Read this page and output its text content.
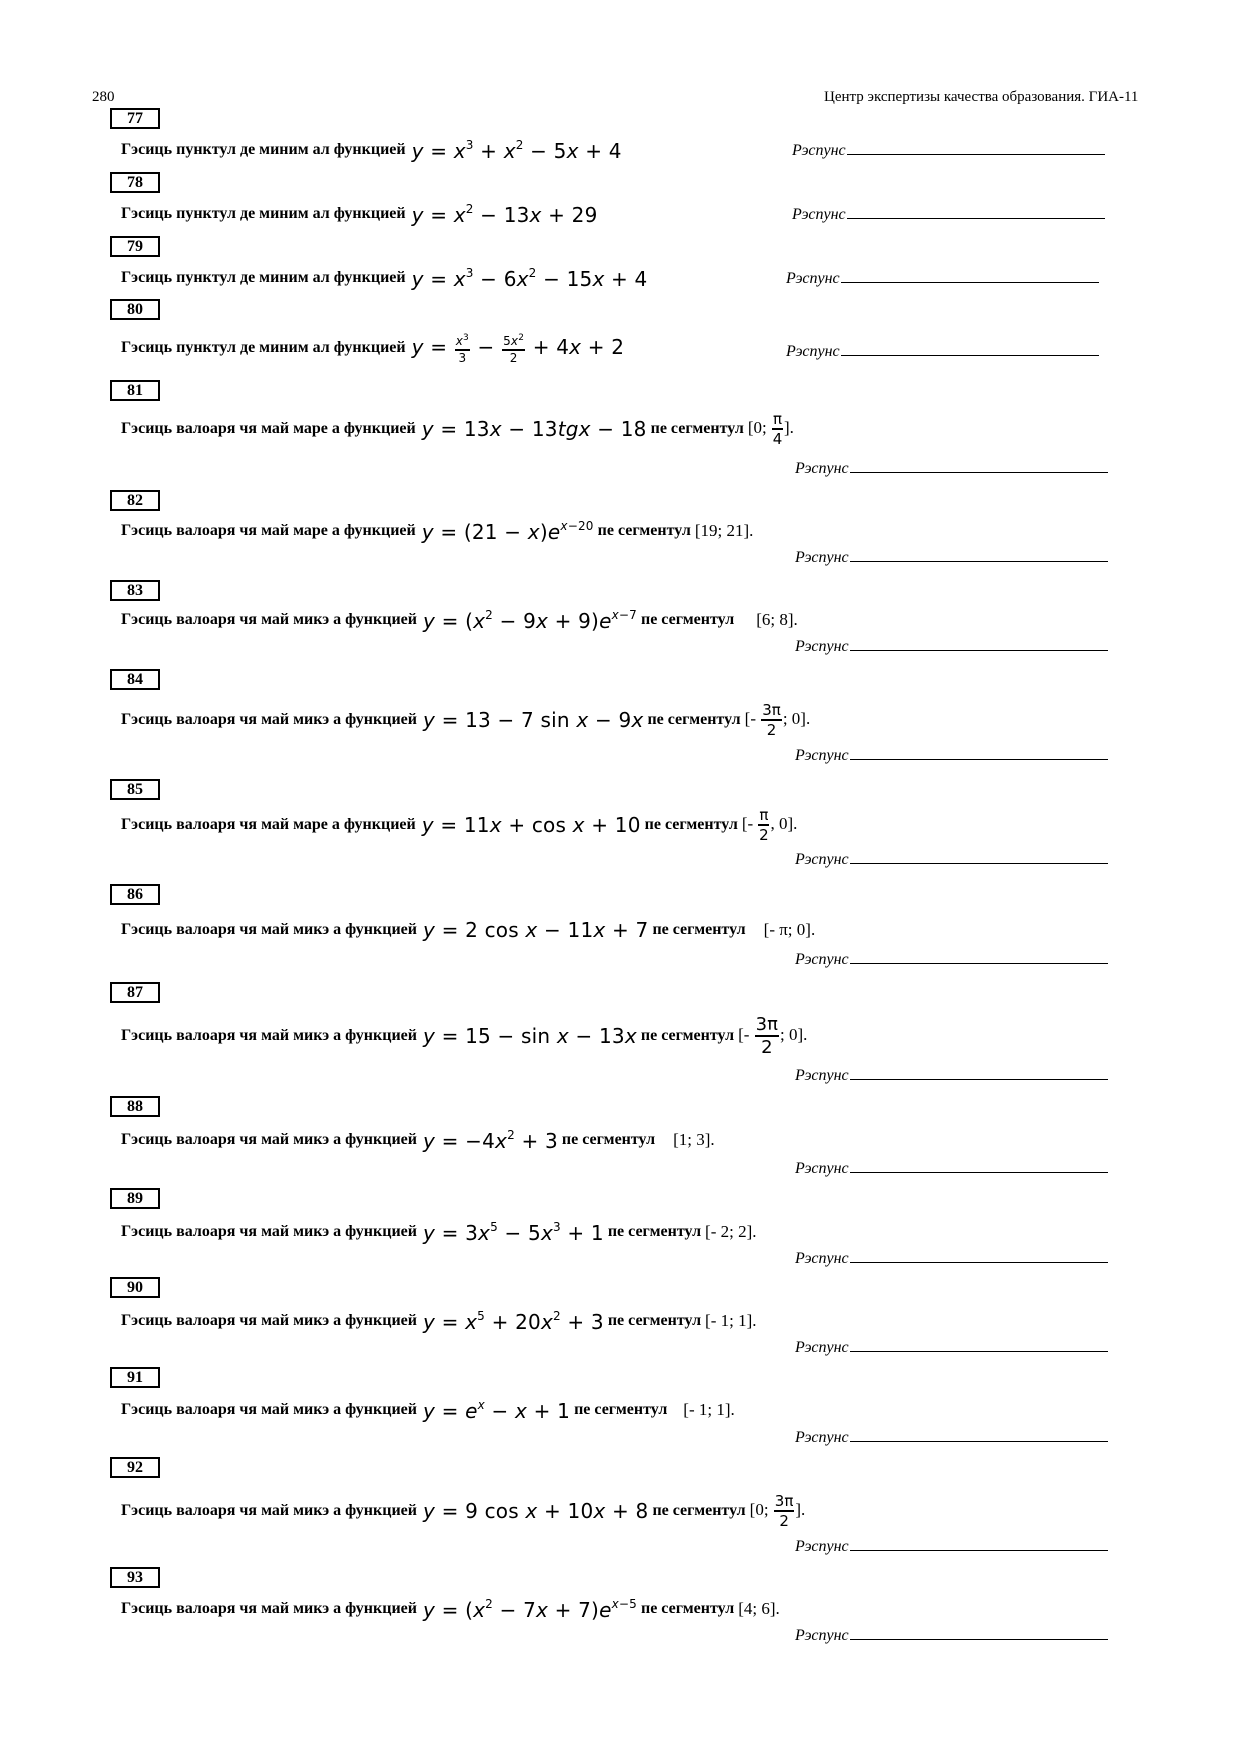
280	Центр экспертизы качества образования. ГИА-11
77
Гэсиць пунктул де миним ал функцией $y = x^3 + x^2 - 5x + 4$	Рэспунс
78
Гэсиць пунктул де миним ал функцией $y = x^2 - 13x + 29$	Рэспунс
79
Гэсиць пунктул де миним ал функцией $y = x^3 - 6x^2 - 15x + 4$	Рэспунс
80
Гэсиць пунктул де миним ал функцией $y = \frac{x^3}{3} - \frac{5x^2}{2} + 4x + 2$	Рэспунс
81
Гэсиць валоаря чя май маре а функцией y = 13x − 13tgx − 18 пе сегментул [0; $\frac{\pi}{4}$ ].
Рэспунс
82
Гэсиць валоаря чя май маре а функцией $y = (21 - x)e^{x-20}$ пе сегментул [19; 21].
Рэспунс
83
Гэсиць валоаря чя май микэ а функцией $y = (x^2 - 9x + 9)e^{x-7}$ пе сегментул [6; 8].
Рэспунс
84
Гэсиць валоаря чя май микэ а функцией y = 13 − 7 sin x − 9x пе сегментул [- $\frac{3\pi}{2}$ ; 0].
Рэспунс
85
Гэсиць валоаря чя май маре а функцией y = 11x + cos x + 10 пе сегментул [- $\frac{\pi}{2}$ , 0].
Рэспунс
86
Гэсиць валоаря чя май микэ а функцией y = 2 cos x − 11x + 7 пе сегментул [- π; 0].
Рэспунс
87
Гэсиць валоаря чя май микэ а функцией y = 15 − sin x − 13x пе сегментул [- $\frac{3\pi}{2}$ ; 0].
Рэспунс
88
Гэсиць валоаря чя май микэ а функцией $y = -4x^2 + 3$ пе сегментул [1; 3].
Рэспунс
89
Гэсиць валоаря чя май микэ а функцией $y = 3x^5 - 5x^3 + 1$ пе сегментул [- 2; 2].
Рэспунс
90
Гэсиць валоаря чя май микэ а функцией $y = x^5 + 20x^2 + 3$ пе сегментул [- 1; 1].
Рэспунс
91
Гэсиць валоаря чя май микэ а функцией $y = e^x - x + 1$ пе сегментул [- 1; 1].
Рэспунс
92
Гэсиць валоаря чя май микэ а функцией y = 9 cos x + 10x + 8 пе сегментул [0; $\frac{3\pi}{2}$ ].
Рэспунс
93
Гэсиць валоаря чя май микэ а функцией $y = (x^2 - 7x + 7)e^{x-5}$ пе сегментул [4; 6].
Рэспунс
